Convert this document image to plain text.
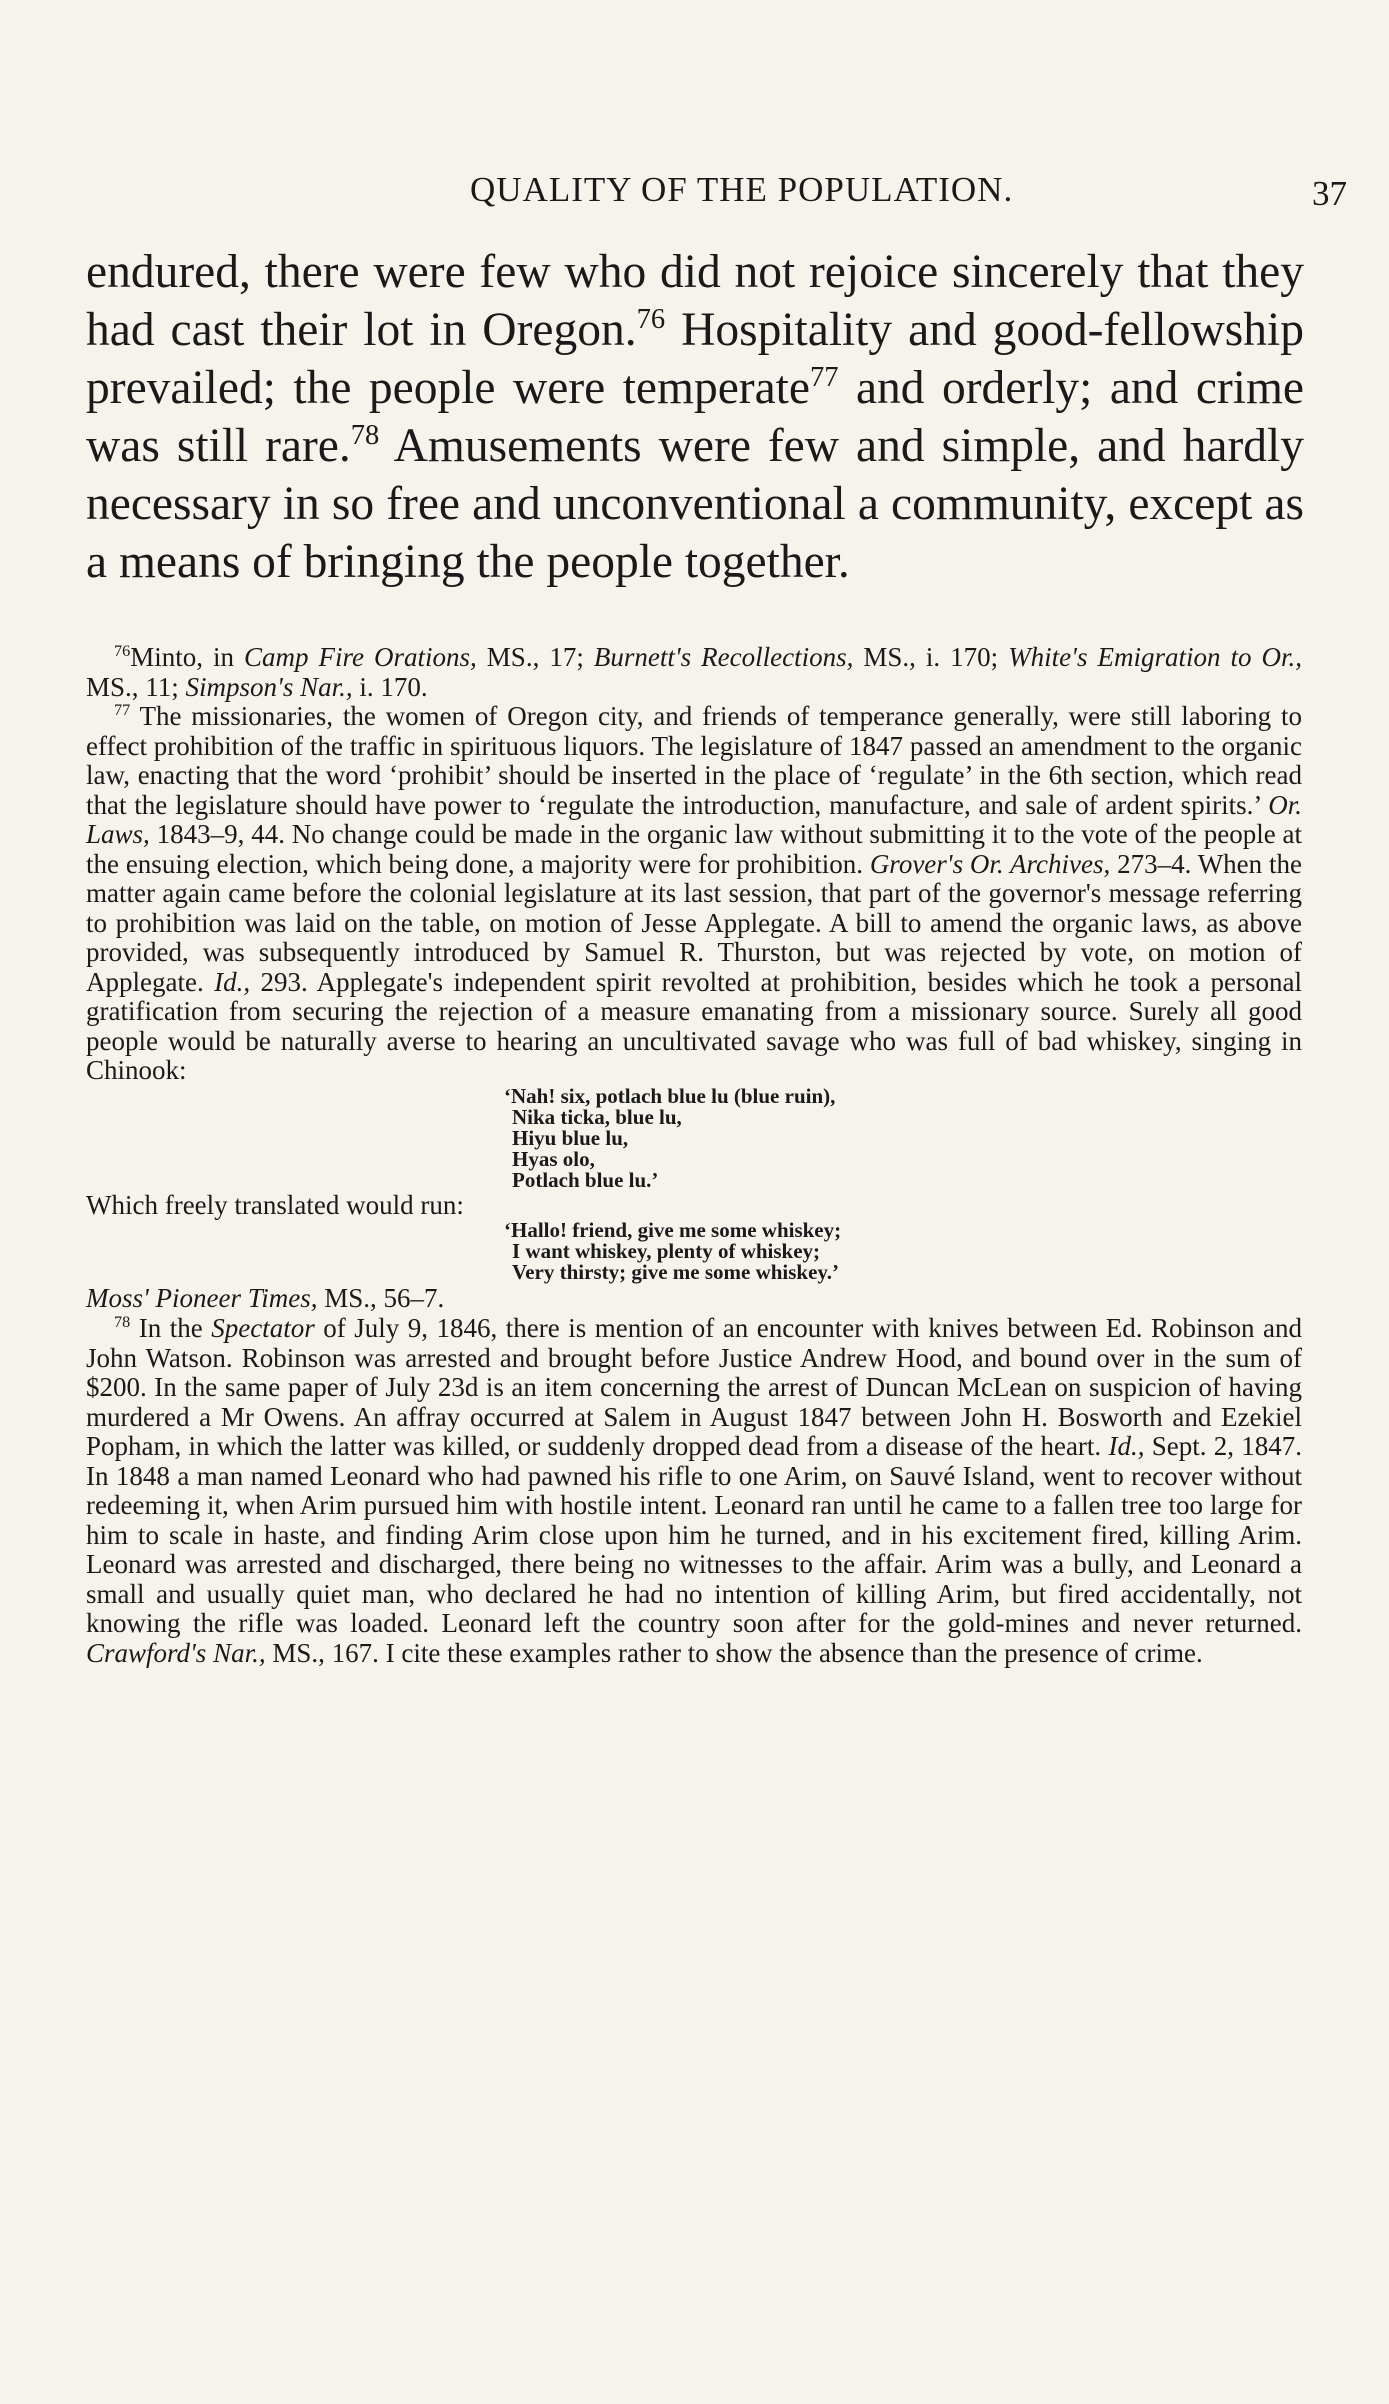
QUALITY OF THE POPULATION.	37
endured, there were few who did not rejoice sincerely that they had cast their lot in Oregon.$^{76}$ Hospitality and good-fellowship prevailed; the people were temperate$^{77}$ and orderly; and crime was still rare.$^{78}$ Amusements were few and simple, and hardly necessary in so free and unconventional a community, except as a means of bringing the people together.

$^{76}$Minto, in Camp Fire Orations, MS., 17; Burnett's Recollections, MS., i. 170; White's Emigration to Or., MS., 11; Simpson's Nar., i. 170.

$^{77}$ The missionaries, the women of Oregon city, and friends of temperance generally, were still laboring to effect prohibition of the traffic in spirituous liquors. The legislature of 1847 passed an amendment to the organic law, enacting that the word ‘prohibit’ should be inserted in the place of ‘regulate’ in the 6th section, which read that the legislature should have power to ‘regulate the introduction, manufacture, and sale of ardent spirits.’ Or. Laws, 1843–9, 44. No change could be made in the organic law without submitting it to the vote of the people at the ensuing election, which being done, a majority were for prohibition. Grover's Or. Archives, 273–4. When the matter again came before the colonial legislature at its last session, that part of the governor's message referring to prohibition was laid on the table, on motion of Jesse Applegate. A bill to amend the organic laws, as above provided, was subsequently introduced by Samuel R. Thurston, but was rejected by vote, on motion of Applegate. Id., 293. Applegate's independent spirit revolted at prohibition, besides which he took a personal gratification from securing the rejection of a measure emanating from a missionary source. Surely all good people would be naturally averse to hearing an uncultivated savage who was full of bad whiskey, singing in Chinook:

‘Nah! six, potlach blue lu (blue ruin),
Nika ticka, blue lu,
Hiyu blue lu,
Hyas olo,
Potlach blue lu.’

Which freely translated would run:

‘Hallo! friend, give me some whiskey;
I want whiskey, plenty of whiskey;
Very thirsty; give me some whiskey.’

Moss' Pioneer Times, MS., 56–7.

$^{78}$ In the Spectator of July 9, 1846, there is mention of an encounter with knives between Ed. Robinson and John Watson. Robinson was arrested and brought before Justice Andrew Hood, and bound over in the sum of $200. In the same paper of July 23d is an item concerning the arrest of Duncan McLean on suspicion of having murdered a Mr Owens. An affray occurred at Salem in August 1847 between John H. Bosworth and Ezekiel Popham, in which the latter was killed, or suddenly dropped dead from a disease of the heart. Id., Sept. 2, 1847. In 1848 a man named Leonard who had pawned his rifle to one Arim, on Sauvé Island, went to recover without redeeming it, when Arim pursued him with hostile intent. Leonard ran until he came to a fallen tree too large for him to scale in haste, and finding Arim close upon him he turned, and in his excitement fired, killing Arim. Leonard was arrested and discharged, there being no witnesses to the affair. Arim was a bully, and Leonard a small and usually quiet man, who declared he had no intention of killing Arim, but fired accidentally, not knowing the rifle was loaded. Leonard left the country soon after for the gold-mines and never returned. Crawford's Nar., MS., 167. I cite these examples rather to show the absence than the presence of crime.
